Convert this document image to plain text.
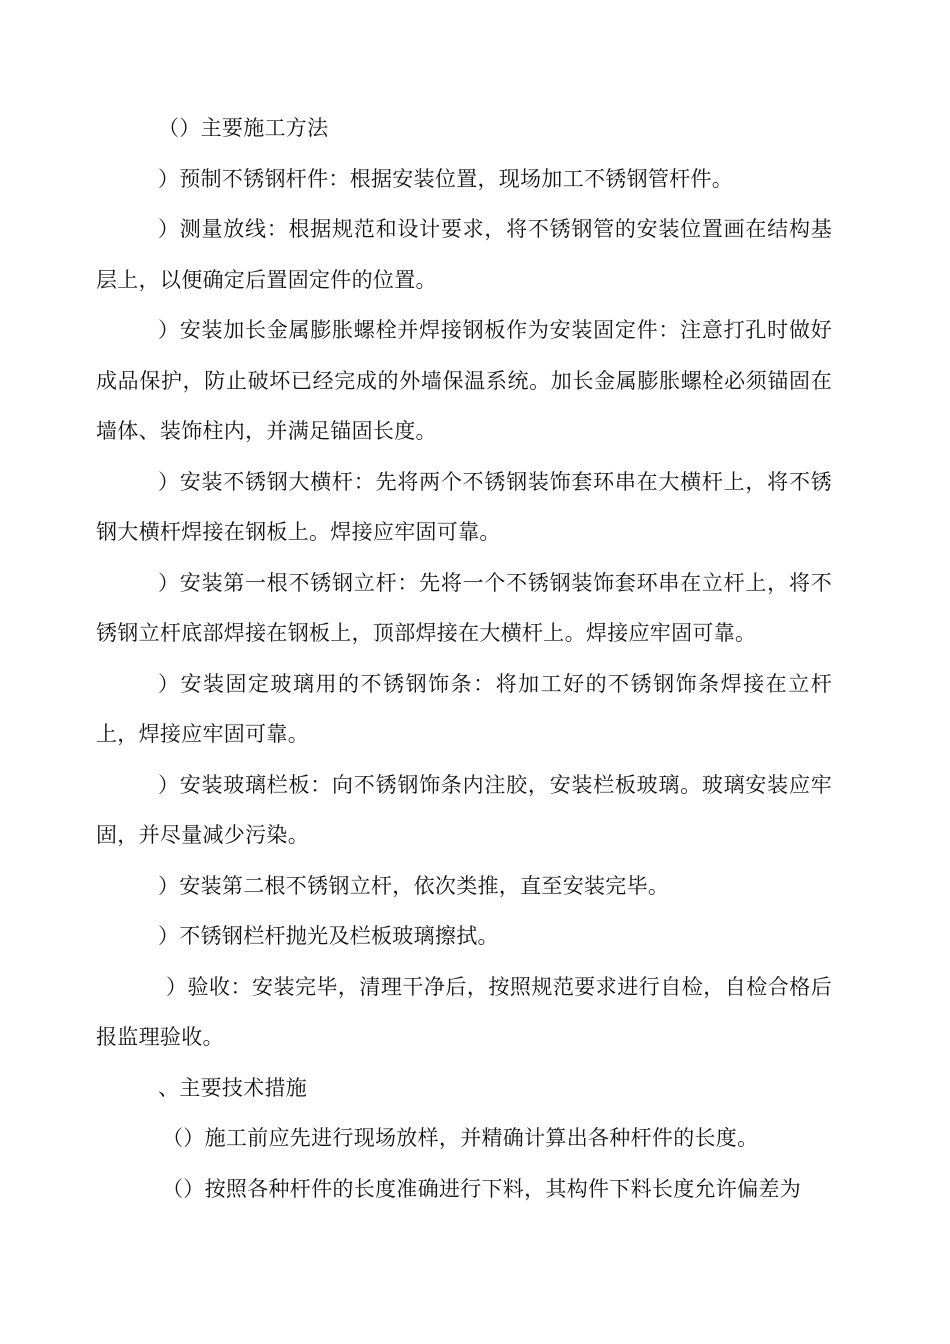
（）主要施工方法

）预制不锈钢杆件：根据安装位置，现场加工不锈钢管杆件。

）测量放线：根据规范和设计要求，将不锈钢管的安装位置画在结构基层上，以便确定后置固定件的位置。

）安装加长金属膨胀螺栓并焊接钢板作为安装固定件：注意打孔时做好成品保护，防止破坏已经完成的外墙保温系统。加长金属膨胀螺栓必须锚固在墙体、装饰柱内，并满足锚固长度。

）安装不锈钢大横杆：先将两个不锈钢装饰套环串在大横杆上，将不锈钢大横杆焊接在钢板上。焊接应牢固可靠。

）安装第一根不锈钢立杆：先将一个不锈钢装饰套环串在立杆上，将不锈钢立杆底部焊接在钢板上，顶部焊接在大横杆上。焊接应牢固可靠。

）安装固定玻璃用的不锈钢饰条：将加工好的不锈钢饰条焊接在立杆上，焊接应牢固可靠。

）安装玻璃栏板：向不锈钢饰条内注胶，安装栏板玻璃。玻璃安装应牢固，并尽量减少污染。

）安装第二根不锈钢立杆，依次类推，直至安装完毕。

）不锈钢栏杆抛光及栏板玻璃擦拭。

）验收：安装完毕，清理干净后，按照规范要求进行自检，自检合格后报监理验收。

、主要技术措施

（）施工前应先进行现场放样，并精确计算出各种杆件的长度。

（）按照各种杆件的长度准确进行下料，其构件下料长度允许偏差为
